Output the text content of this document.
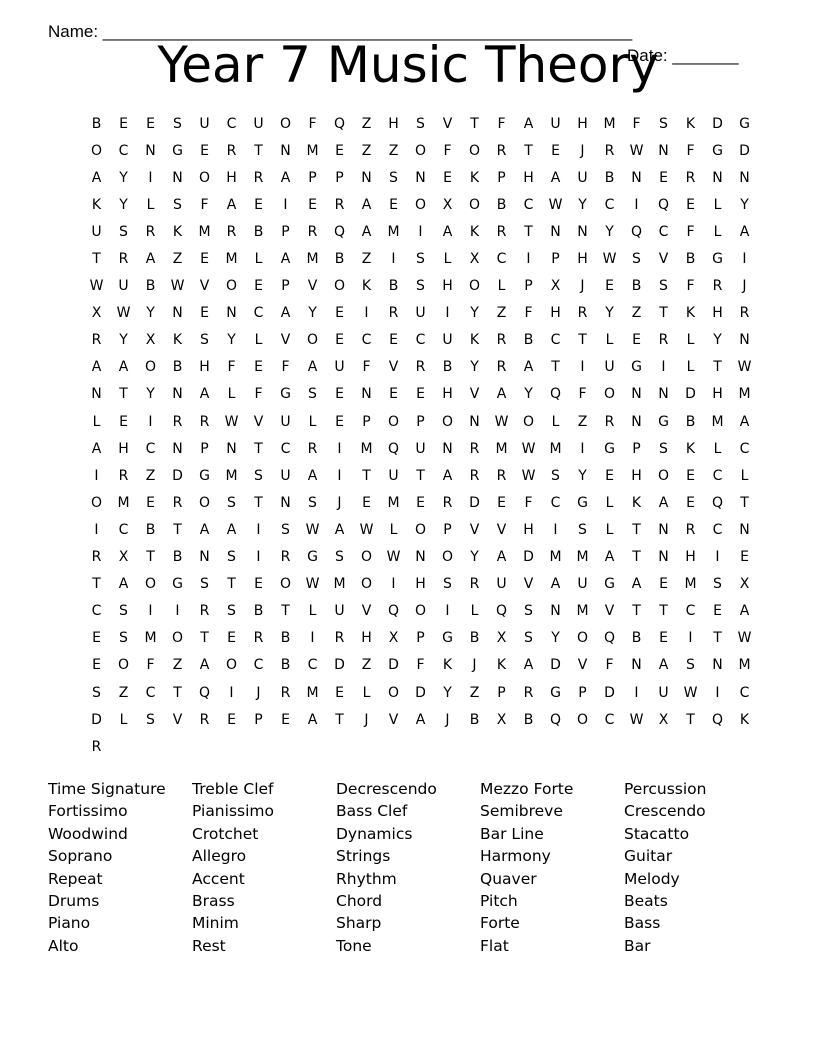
Name: ________________________________________________________

Date: _______

Year 7 Music Theory
B	E	E	S	U	C	U	O	F	Q	Z	H	S	V	T	F	A	U	H	M	F	S	K	D	G
O	C	N	G	E	R	T	N	M	E	Z	Z	O	F	O	R	T	E	J	R	W	N	F	G	D
A	Y	I	N	O	H	R	A	P	P	N	S	N	E	K	P	H	A	U	B	N	E	R	N	N
K	Y	L	S	F	A	E	I	E	R	A	E	O	X	O	B	C	W	Y	C	I	Q	E	L	Y
U	S	R	K	M	R	B	P	R	Q	A	M	I	A	K	R	T	N	N	Y	Q	C	F	L	A
T	R	A	Z	E	M	L	A	M	B	Z	I	S	L	X	C	I	P	H	W	S	V	B	G	I
W	U	B	W	V	O	E	P	V	O	K	B	S	H	O	L	P	X	J	E	B	S	F	R	J
X	W	Y	N	E	N	C	A	Y	E	I	R	U	I	Y	Z	F	H	R	Y	Z	T	K	H	R
R	Y	X	K	S	Y	L	V	O	E	C	E	C	U	K	R	B	C	T	L	E	R	L	Y	N
A	A	O	B	H	F	E	F	A	U	F	V	R	B	Y	R	A	T	I	U	G	I	L	T	W
N	T	Y	N	A	L	F	G	S	E	N	E	E	H	V	A	Y	Q	F	O	N	N	D	H	M
L	E	I	R	R	W	V	U	L	E	P	O	P	O	N	W	O	L	Z	R	N	G	B	M	A
A	H	C	N	P	N	T	C	R	I	M	Q	U	N	R	M	W	M	I	G	P	S	K	L	C
I	R	Z	D	G	M	S	U	A	I	T	U	T	A	R	R	W	S	Y	E	H	O	E	C	L
O	M	E	R	O	S	T	N	S	J	E	M	E	R	D	E	F	C	G	L	K	A	E	Q	T
I	C	B	T	A	A	I	S	W	A	W	L	O	P	V	V	H	I	S	L	T	N	R	C	N
R	X	T	B	N	S	I	R	G	S	O	W	N	O	Y	A	D	M	M	A	T	N	H	I	E
T	A	O	G	S	T	E	O	W	M	O	I	H	S	R	U	V	A	U	G	A	E	M	S	X
C	S	I	I	R	S	B	T	L	U	V	Q	O	I	L	Q	S	N	M	V	T	T	C	E	A
E	S	M	O	T	E	R	B	I	R	H	X	P	G	B	X	S	Y	O	Q	B	E	I	T	W
E	O	F	Z	A	O	C	B	C	D	Z	D	F	K	J	K	A	D	V	F	N	A	S	N	M
S	Z	C	T	Q	I	J	R	M	E	L	O	D	Y	Z	P	R	G	P	D	I	U	W	I	C
D	L	S	V	R	E	P	E	A	T	J	V	A	J	B	X	B	Q	O	C	W	X	T	Q	K
R
Time Signature
Fortissimo
Woodwind
Soprano
Repeat
Drums
Piano
Alto
Treble Clef
Pianissimo
Crotchet
Allegro
Accent
Brass
Minim
Rest
Decrescendo
Bass Clef
Dynamics
Strings
Rhythm
Chord
Sharp
Tone
Mezzo Forte
Semibreve
Bar Line
Harmony
Quaver
Pitch
Forte
Flat
Percussion
Crescendo
Stacatto
Guitar
Melody
Beats
Bass
Bar
